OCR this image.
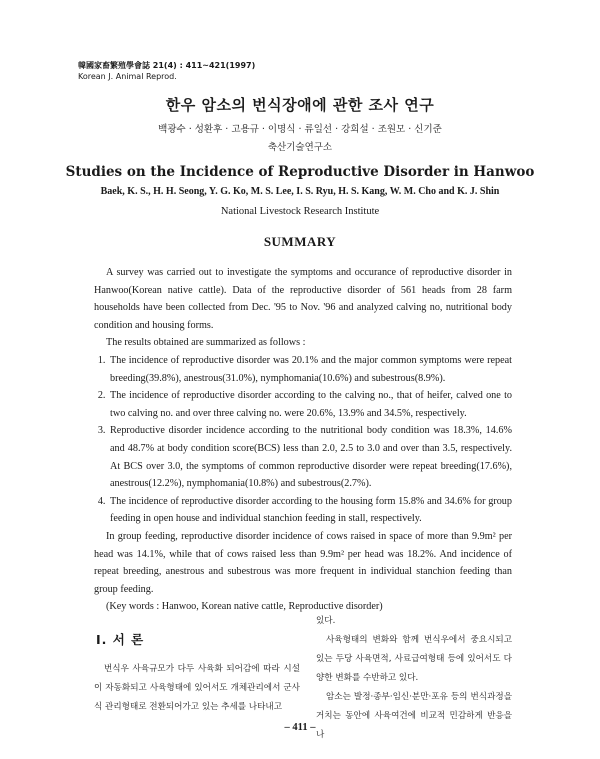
韓國家畜繁殖學會誌 21(4) : 411~421(1997)
Korean J. Animal Reprod.
한우 암소의 번식장애에 관한 조사 연구
백광수 · 성환후 · 고용규 · 이명식 · 류일선 · 강희설 · 조원모 · 신기준
축산기술연구소
Studies on the Incidence of Reproductive Disorder in Hanwoo
Baek, K. S., H. H. Seong, Y. G. Ko, M. S. Lee, I. S. Ryu, H. S. Kang, W. M. Cho and K. J. Shin
National Livestock Research Institute
SUMMARY

A survey was carried out to investigate the symptoms and occurance of reproductive disorder in Hanwoo(Korean native cattle). Data of the reproductive disorder of 561 heads from 28 farm households have been collected from Dec. '95 to Nov. '96 and analyzed calving no, nutritional body condition and housing forms.

The results obtained are summarized as follows :

1. The incidence of reproductive disorder was 20.1% and the major common symptoms were repeat breeding(39.8%), anestrous(31.0%), nymphomania(10.6%) and subestrous(8.9%).
2. The incidence of reproductive disorder according to the calving no., that of heifer, calved one to two calving no. and over three calving no. were 20.6%, 13.9% and 34.5%, respectively.
3. Reproductive disorder incidence according to the nutritional body condition was 18.3%, 14.6% and 48.7% at body condition score(BCS) less than 2.0, 2.5 to 3.0 and over than 3.5, respectively. At BCS over 3.0, the symptoms of common reproductive disorder were repeat breeding(17.6%), anestrous(12.2%), nymphomania(10.8%) and subestrous(2.7%).
4. The incidence of reproductive disorder according to the housing form 15.8% and 34.6% for group feeding in open house and individual stanchion feeding in stall, respectively.

In group feeding, reproductive disorder incidence of cows raised in space of more than 9.9m² per head was 14.1%, while that of cows raised less than 9.9m² per head was 18.2%. And incidence of repeat breeding, anestrous and subestrous was more frequent in individual stanchion feeding than group feeding.

(Key words : Hanwoo, Korean native cattle, Reproductive disorder)

Ⅰ. 서 론

번식우 사육규모가 다두 사육화 되어감에 따라 시설이 자동화되고 사육형태에 있어서도 개체관리에서 군사식 관리형태로 전환되어가고 있는 추세를 나타내고

있다.

사육형태의 변화와 함께 번식우에서 중요시되고 있는 두당 사육면적, 사료급여형태 등에 있어서도 다양한 변화를 수반하고 있다.

암소는 발정·종부·임신·분만·포유 등의 번식과정을 거치는 동안에 사육여건에 비교적 민감하게 반응을 나

– 411 –
